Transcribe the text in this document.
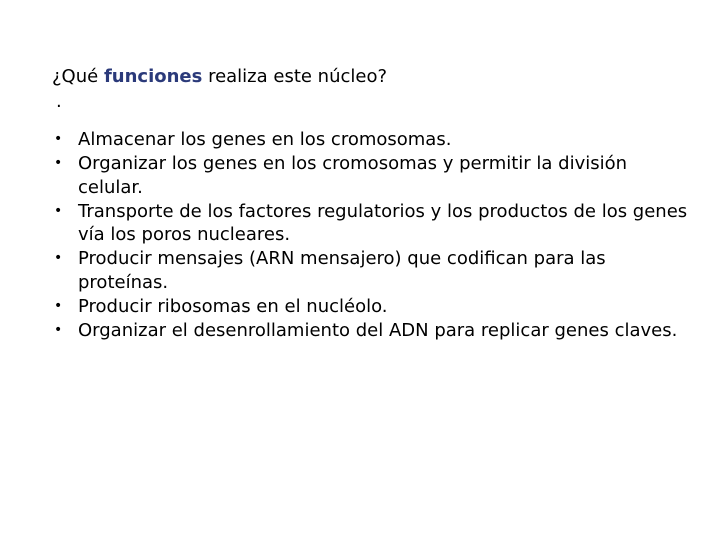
¿Qué funciones realiza este núcleo?
.
• Almacenar los genes en los cromosomas.
• Organizar los genes en los cromosomas y permitir la división celular.
• Transporte de los factores regulatorios y los productos de los genes vía los poros nucleares.
• Producir mensajes (ARN mensajero) que codifican para las proteínas.
• Producir ribosomas en el nucléolo.
• Organizar el desenrollamiento del ADN para replicar genes claves.
